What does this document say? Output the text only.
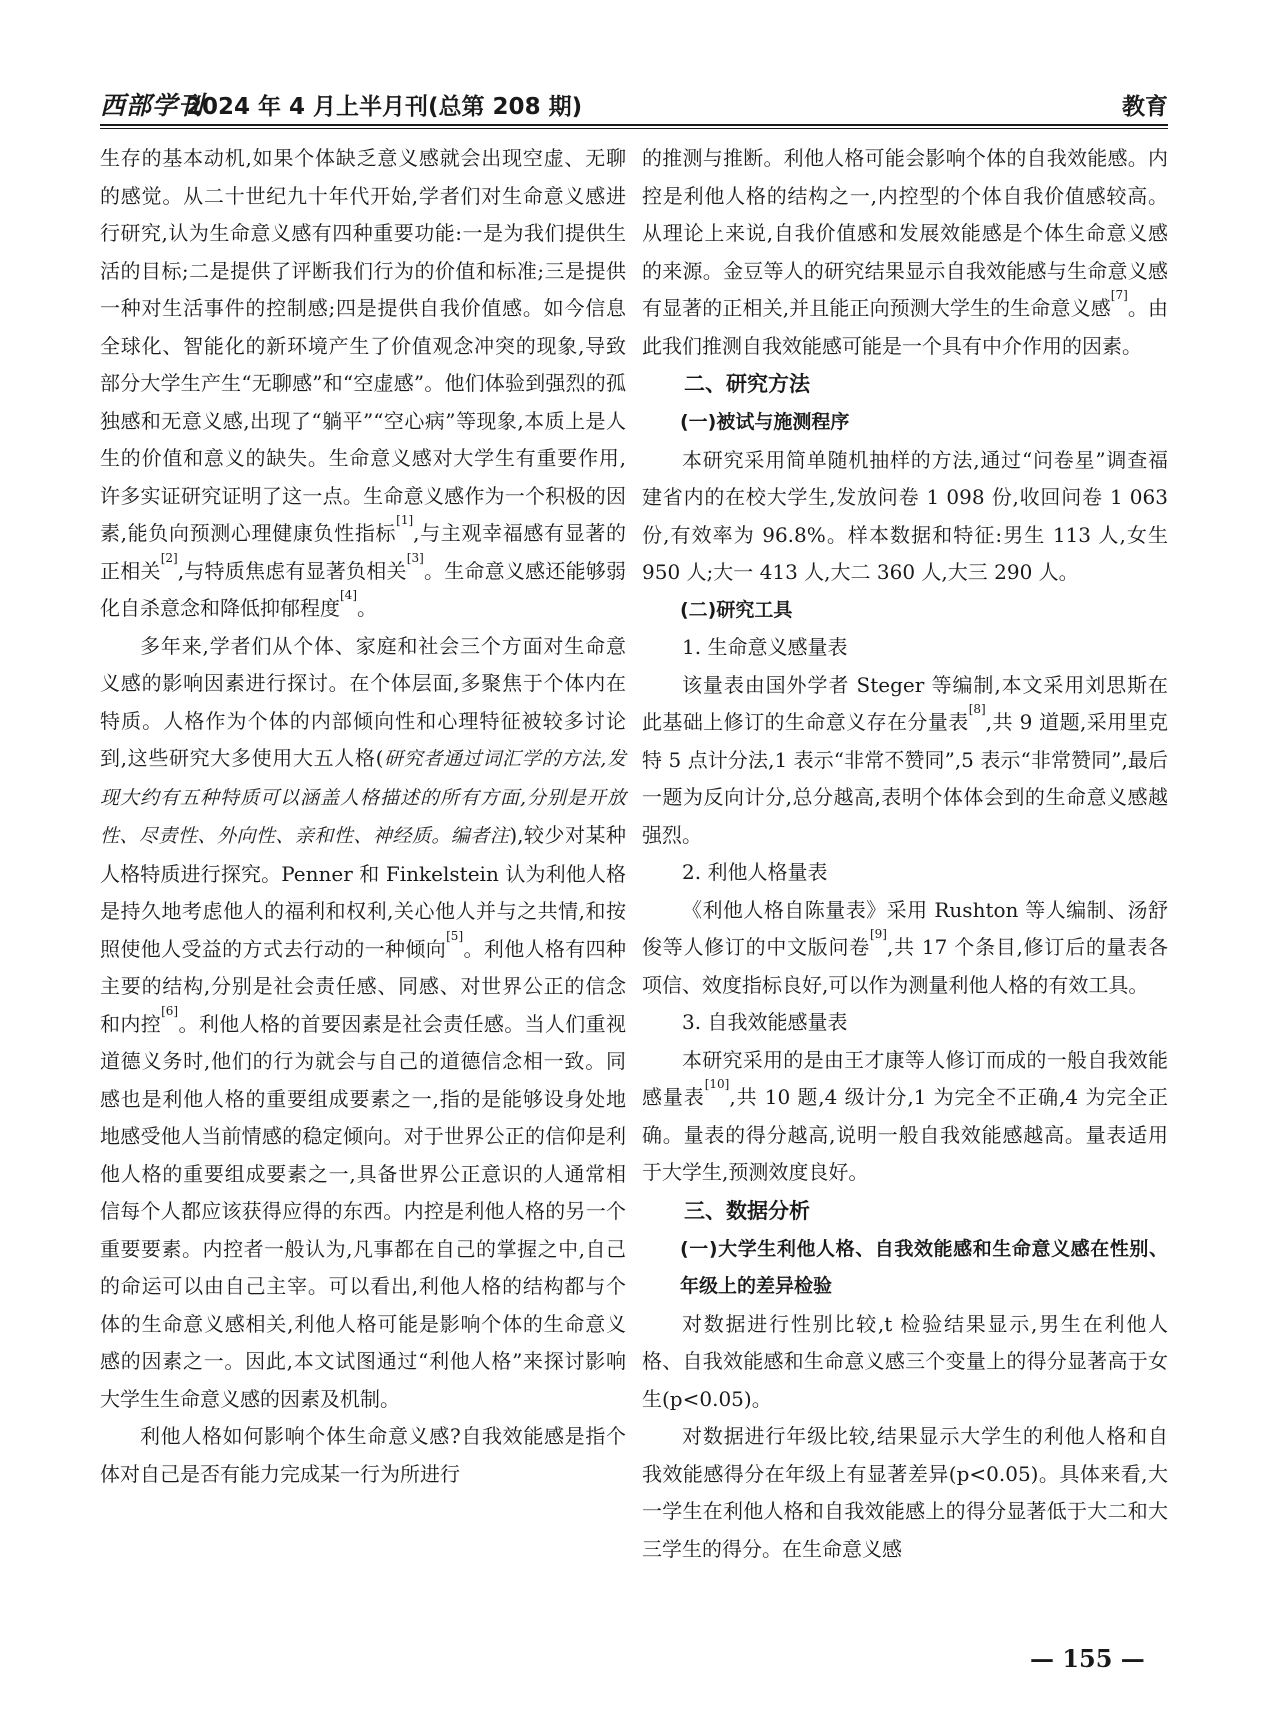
西部学刊
2024 年 4 月上半月刊(总第 208 期)	教育

生存的基本动机,如果个体缺乏意义感就会出现空虚、无聊的感觉。从二十世纪九十年代开始,学者们对生命意义感进行研究,认为生命意义感有四种重要功能:一是为我们提供生活的目标;二是提供了评断我们行为的价值和标准;三是提供一种对生活事件的控制感;四是提供自我价值感。如今信息全球化、智能化的新环境产生了价值观念冲突的现象,导致部分大学生产生“无聊感”和“空虚感”。他们体验到强烈的孤独感和无意义感,出现了“躺平”“空心病”等现象,本质上是人生的价值和意义的缺失。生命意义感对大学生有重要作用,许多实证研究证明了这一点。生命意义感作为一个积极的因素,能负向预测心理健康负性指标[1],与主观幸福感有显著的正相关[2],与特质焦虑有显著负相关[3]。生命意义感还能够弱化自杀意念和降低抑郁程度[4]。

多年来,学者们从个体、家庭和社会三个方面对生命意义感的影响因素进行探讨。在个体层面,多聚焦于个体内在特质。人格作为个体的内部倾向性和心理特征被较多讨论到,这些研究大多使用大五人格(研究者通过词汇学的方法,发现大约有五种特质可以涵盖人格描述的所有方面,分别是开放性、尽责性、外向性、亲和性、神经质。编者注),较少对某种人格特质进行探究。Penner 和 Finkelstein 认为利他人格是持久地考虑他人的福利和权利,关心他人并与之共情,和按照使他人受益的方式去行动的一种倾向[5]。利他人格有四种主要的结构,分别是社会责任感、同感、对世界公正的信念和内控[6]。利他人格的首要因素是社会责任感。当人们重视道德义务时,他们的行为就会与自己的道德信念相一致。同感也是利他人格的重要组成要素之一,指的是能够设身处地地感受他人当前情感的稳定倾向。对于世界公正的信仰是利他人格的重要组成要素之一,具备世界公正意识的人通常相信每个人都应该获得应得的东西。内控是利他人格的另一个重要要素。内控者一般认为,凡事都在自己的掌握之中,自己的命运可以由自己主宰。可以看出,利他人格的结构都与个体的生命意义感相关,利他人格可能是影响个体的生命意义感的因素之一。因此,本文试图通过“利他人格”来探讨影响大学生生命意义感的因素及机制。

利他人格如何影响个体生命意义感?自我效能感是指个体对自己是否有能力完成某一行为所进行

的推测与推断。利他人格可能会影响个体的自我效能感。内控是利他人格的结构之一,内控型的个体自我价值感较高。从理论上来说,自我价值感和发展效能感是个体生命意义感的来源。金豆等人的研究结果显示自我效能感与生命意义感有显著的正相关,并且能正向预测大学生的生命意义感[7]。由此我们推测自我效能感可能是一个具有中介作用的因素。

二、研究方法
(一)被试与施测程序

本研究采用简单随机抽样的方法,通过“问卷星”调查福建省内的在校大学生,发放问卷 1 098 份,收回问卷 1 063 份,有效率为 96.8%。样本数据和特征:男生 113 人,女生 950 人;大一 413 人,大二 360 人,大三 290 人。

(二)研究工具
1. 生命意义感量表

该量表由国外学者 Steger 等编制,本文采用刘思斯在此基础上修订的生命意义存在分量表[8],共 9 道题,采用里克特 5 点计分法,1 表示“非常不赞同”,5 表示“非常赞同”,最后一题为反向计分,总分越高,表明个体体会到的生命意义感越强烈。

2. 利他人格量表

《利他人格自陈量表》采用 Rushton 等人编制、汤舒俊等人修订的中文版问卷[9],共 17 个条目,修订后的量表各项信、效度指标良好,可以作为测量利他人格的有效工具。

3. 自我效能感量表

本研究采用的是由王才康等人修订而成的一般自我效能感量表[10],共 10 题,4 级计分,1 为完全不正确,4 为完全正确。量表的得分越高,说明一般自我效能感越高。量表适用于大学生,预测效度良好。

三、数据分析
(一)大学生利他人格、自我效能感和生命意义感在性别、年级上的差异检验

对数据进行性别比较,t 检验结果显示,男生在利他人格、自我效能感和生命意义感三个变量上的得分显著高于女生(p<0.05)。

对数据进行年级比较,结果显示大学生的利他人格和自我效能感得分在年级上有显著差异(p<0.05)。具体来看,大一学生在利他人格和自我效能感上的得分显著低于大二和大三学生的得分。在生命意义感

— 155 —
